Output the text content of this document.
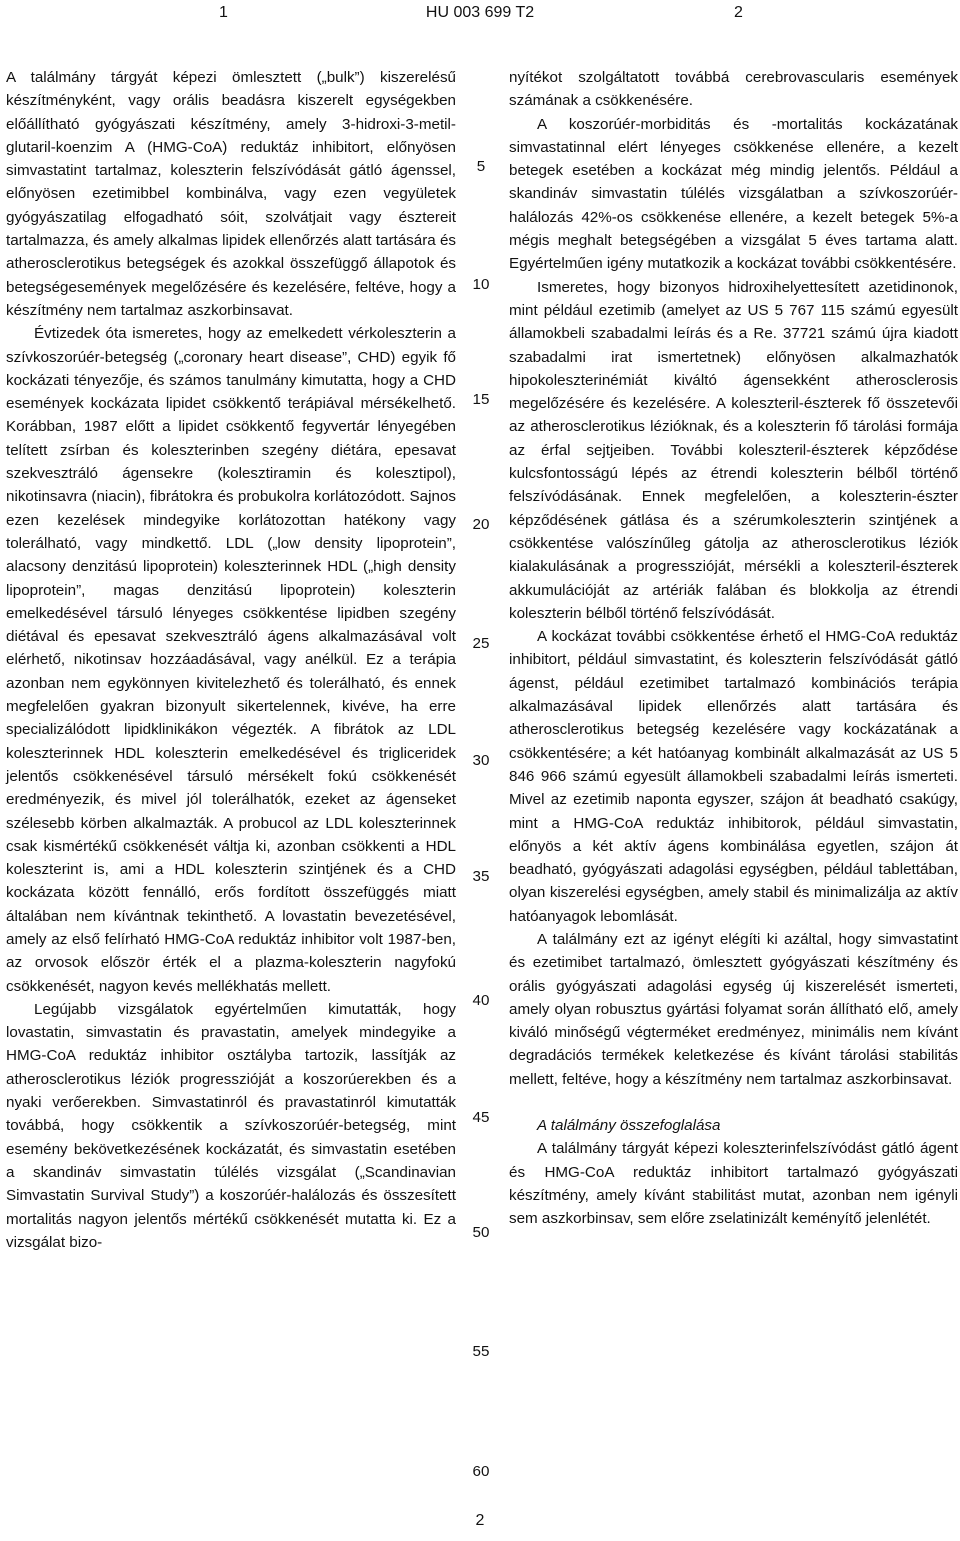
1	HU 003 699 T2	2

A találmány tárgyát képezi ömlesztett („bulk”) kiszerelésű készítményként, vagy orális beadásra kiszerelt egységekben előállítható gyógyászati készítmény, amely 3-hidroxi-3-metil-glutaril-koenzim A (HMG-CoA) reduktáz inhibitort, előnyösen simvastatint tartalmaz, koleszterin felszívódását gátló ágenssel, előnyösen ezetimibbel kombinálva, vagy ezen vegyületek gyógyászatilag elfogadható sóit, szolvátjait vagy észtereit tartalmazza, és amely alkalmas lipidek ellenőrzés alatt tartására és atherosclerotikus betegségek és azokkal összefüggő állapotok és betegségesemények megelőzésére és kezelésére, feltéve, hogy a készítmény nem tartalmaz aszkorbinsavat.

Évtizedek óta ismeretes, hogy az emelkedett vérkoleszterin a szívkoszorúér-betegség („coronary heart disease”, CHD) egyik fő kockázati tényezője, és számos tanulmány kimutatta, hogy a CHD események kockázata lipidet csökkentő terápiával mérsékelhető. Korábban, 1987 előtt a lipidet csökkentő fegyvertár lényegében telített zsírban és koleszterinben szegény diétára, epesavat szekvesztráló ágensekre (kolesztiramin és kolesztipol), nikotinsavra (niacin), fibrátokra és probukolra korlátozódott. Sajnos ezen kezelések mindegyike korlátozottan hatékony vagy tolerálható, vagy mindkettő. LDL („low density lipoprotein”, alacsony denzitású lipoprotein) koleszterinnek HDL („high density lipoprotein”, magas denzitású lipoprotein) koleszterin emelkedésével társuló lényeges csökkentése lipidben szegény diétával és epesavat szekvesztráló ágens alkalmazásával volt elérhető, nikotinsav hozzáadásával, vagy anélkül. Ez a terápia azonban nem egykönnyen kivitelezhető és tolerálható, és ennek megfelelően gyakran bizonyult sikertelennek, kivéve, ha erre specializálódott lipidklinikákon végezték. A fibrátok az LDL koleszterinnek HDL koleszterin emelkedésével és trigliceridek jelentős csökkenésével társuló mérsékelt fokú csökkenését eredményezik, és mivel jól tolerálhatók, ezeket az ágenseket szélesebb körben alkalmazták. A probucol az LDL koleszterinnek csak kismértékű csökkenését váltja ki, azonban csökkenti a HDL koleszterint is, ami a HDL koleszterin szintjének és a CHD kockázata között fennálló, erős fordított összefüggés miatt általában nem kívántnak tekinthető. A lovastatin bevezetésével, amely az első felírható HMG-CoA reduktáz inhibitor volt 1987-ben, az orvosok először érték el a plazma-koleszterin nagyfokú csökkenését, nagyon kevés mellékhatás mellett.

Legújabb vizsgálatok egyértelműen kimutatták, hogy lovastatin, simvastatin és pravastatin, amelyek mindegyike a HMG-CoA reduktáz inhibitor osztályba tartozik, lassítják az atherosclerotikus léziók progresszióját a koszorúerekben és a nyaki verőerekben. Simvastatinról és pravastatinról kimutatták továbbá, hogy csökkentik a szívkoszorúér-betegség, mint esemény bekövetkezésének kockázatát, és simvastatin esetében a skandináv simvastatin túlélés vizsgálat („Scandinavian Simvastatin Survival Study”) a koszorúér-halálozás és összesített mortalitás nagyon jelentős mértékű csökkenését mutatta ki. Ez a vizsgálat bizo-

5
10
15
20
25
30
35
40
45
50
55
60

nyítékot szolgáltatott továbbá cerebrovascularis események számának a csökkenésére.

A koszorúér-morbiditás és -mortalitás kockázatának simvastatinnal elért lényeges csökkenése ellenére, a kezelt betegek esetében a kockázat még mindig jelentős. Például a skandináv simvastatin túlélés vizsgálatban a szívkoszorúér-halálozás 42%-os csökkenése ellenére, a kezelt betegek 5%-a mégis meghalt betegségében a vizsgálat 5 éves tartama alatt. Egyértelműen igény mutatkozik a kockázat további csökkentésére.

Ismeretes, hogy bizonyos hidroxihelyettesített azetidinonok, mint például ezetimib (amelyet az US 5 767 115 számú egyesült államokbeli szabadalmi leírás és a Re. 37721 számú újra kiadott szabadalmi irat ismertetnek) előnyösen alkalmazhatók hipokoleszterinémiát kiváltó ágensekként atherosclerosis megelőzésére és kezelésére. A koleszteril-észterek fő összetevői az atherosclerotikus lézióknak, és a koleszterin fő tárolási formája az érfal sejtjeiben. További koleszteril-észterek képződése kulcsfontosságú lépés az étrendi koleszterin bélből történő felszívódásának. Ennek megfelelően, a koleszterin-észter képződésének gátlása és a szérumkoleszterin szintjének a csökkentése valószínűleg gátolja az atherosclerotikus léziók kialakulásának a progresszióját, mérsékli a koleszteril-észterek akkumulációját az artériák falában és blokkolja az étrendi koleszterin bélből történő felszívódását.

A kockázat további csökkentése érhető el HMG-CoA reduktáz inhibitort, például simvastatint, és koleszterin felszívódását gátló ágenst, például ezetimibet tartalmazó kombinációs terápia alkalmazásával lipidek ellenőrzés alatt tartására és atherosclerotikus betegség kezelésére vagy kockázatának a csökkentésére; a két hatóanyag kombinált alkalmazását az US 5 846 966 számú egyesült államokbeli szabadalmi leírás ismerteti. Mivel az ezetimib naponta egyszer, szájon át beadható csakúgy, mint a HMG-CoA reduktáz inhibitorok, például simvastatin, előnyös a két aktív ágens kombinálása egyetlen, szájon át beadható, gyógyászati adagolási egységben, például tablettában, olyan kiszerelési egységben, amely stabil és minimalizálja az aktív hatóanyagok lebomlását.

A találmány ezt az igényt elégíti ki azáltal, hogy simvastatint és ezetimibet tartalmazó, ömlesztett gyógyászati készítmény és orális gyógyászati adagolási egység új kiszerelését ismerteti, amely olyan robusztus gyártási folyamat során állítható elő, amely kiváló minőségű végterméket eredményez, minimális nem kívánt degradációs termékek keletkezése és kívánt tárolási stabilitás mellett, feltéve, hogy a készítmény nem tartalmaz aszkorbinsavat.

A találmány összefoglalása

A találmány tárgyát képezi koleszterinfelszívódást gátló ágent és HMG-CoA reduktáz inhibitort tartalmazó gyógyászati készítmény, amely kívánt stabilitást mutat, azonban nem igényli sem aszkorbinsav, sem előre zselatinizált keményítő jelenlétét.

2
